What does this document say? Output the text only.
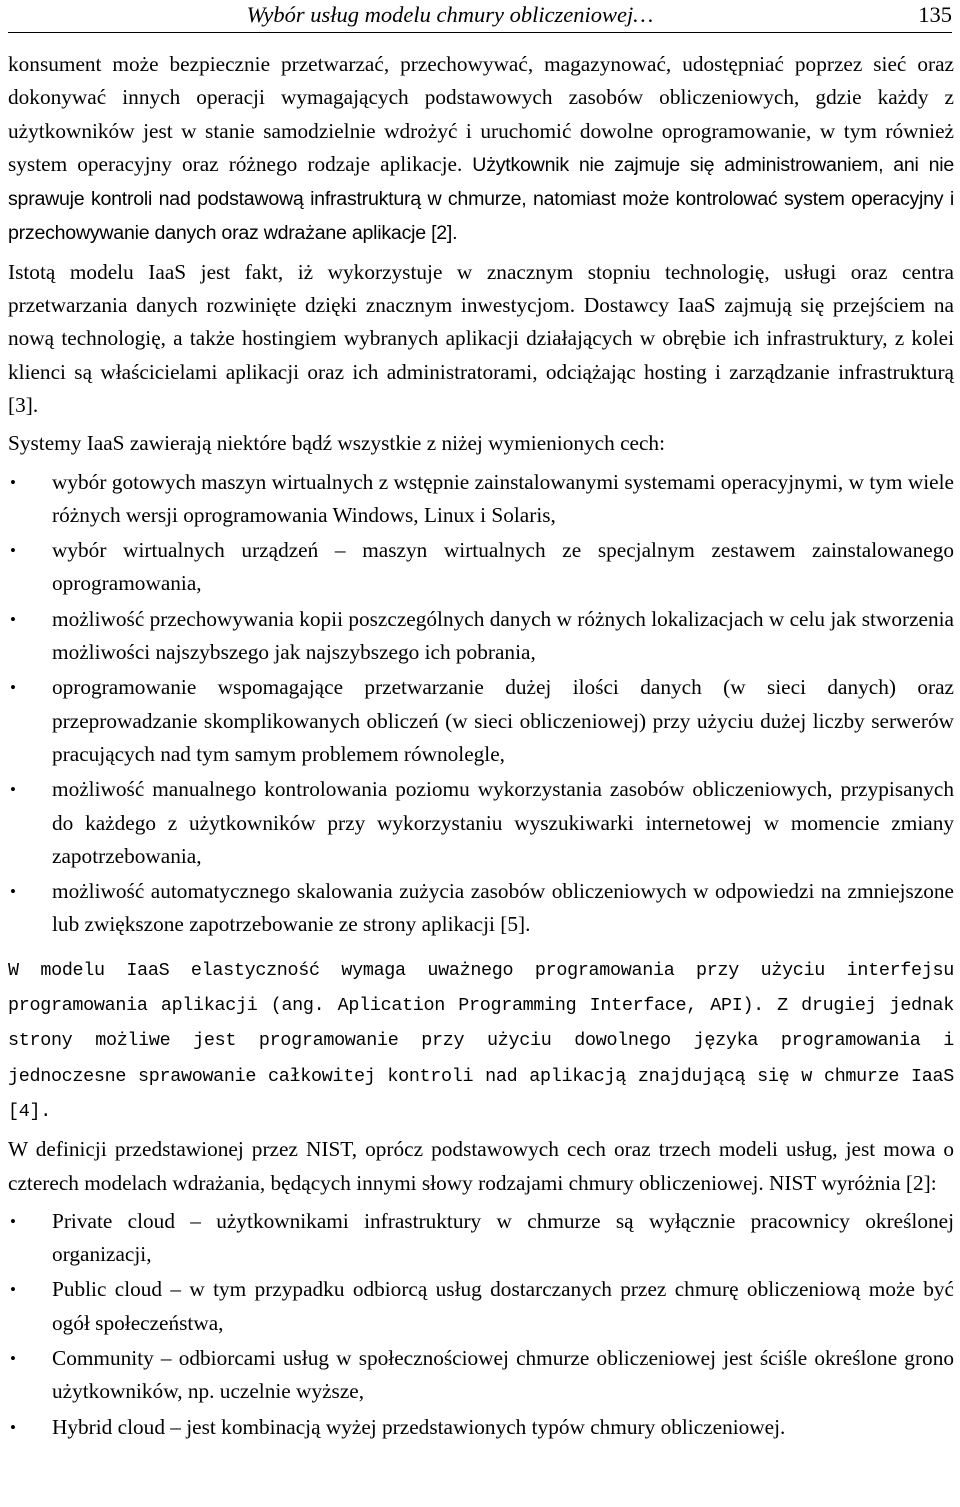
Wybór usług modelu chmury obliczeniowej…	135

konsument może bezpiecznie przetwarzać, przechowywać, magazynować, udostępniać poprzez sieć oraz dokonywać innych operacji wymagających podstawowych zasobów obliczeniowych, gdzie każdy z użytkowników jest w stanie samodzielnie wdrożyć i uruchomić dowolne oprogramowanie, w tym również system operacyjny oraz różnego rodzaje aplikacje. Użytkownik nie zajmuje się administrowaniem, ani nie sprawuje kontroli nad podstawową infrastrukturą w chmurze, natomiast może kontrolować system operacyjny i przechowywanie danych oraz wdrażane aplikacje [2].

Istotą modelu IaaS jest fakt, iż wykorzystuje w znacznym stopniu technologię, usługi oraz centra przetwarzania danych rozwinięte dzięki znacznym inwestycjom. Dostawcy IaaS zajmują się przejściem na nową technologię, a także hostingiem wybranych aplikacji działających w obrębie ich infrastruktury, z kolei klienci są właścicielami aplikacji oraz ich administratorami, odciążając hosting i zarządzanie infrastrukturą [3].

Systemy IaaS zawierają niektóre bądź wszystkie z niżej wymienionych cech:

•	wybór gotowych maszyn wirtualnych z wstępnie zainstalowanymi systemami operacyjnymi, w tym wiele różnych wersji oprogramowania Windows, Linux i Solaris,
•	wybór wirtualnych urządzeń – maszyn wirtualnych ze specjalnym zestawem zainstalowanego oprogramowania,
•	możliwość przechowywania kopii poszczególnych danych w różnych lokalizacjach w celu jak stworzenia możliwości najszybszego jak najszybszego ich pobrania,
•	oprogramowanie wspomagające przetwarzanie dużej ilości danych (w sieci danych) oraz przeprowadzanie skomplikowanych obliczeń (w sieci obliczeniowej) przy użyciu dużej liczby serwerów pracujących nad tym samym problemem równolegle,
•	możliwość manualnego kontrolowania poziomu wykorzystania zasobów obliczeniowych, przypisanych do każdego z użytkowników przy wykorzystaniu wyszukiwarki internetowej w momencie zmiany zapotrzebowania,
•	możliwość automatycznego skalowania zużycia zasobów obliczeniowych w odpowiedzi na zmniejszone lub zwiększone zapotrzebowanie ze strony aplikacji [5].

W modelu IaaS elastyczność wymaga uważnego programowania przy użyciu interfejsu programowania aplikacji (ang. Aplication Programming Interface, API). Z drugiej jednak strony możliwe jest programowanie przy użyciu dowolnego języka programowania i jednoczesne sprawowanie całkowitej kontroli nad aplikacją znajdującą się w chmurze IaaS [4].

W definicji przedstawionej przez NIST, oprócz podstawowych cech oraz trzech modeli usług, jest mowa o czterech modelach wdrażania, będących innymi słowy rodzajami chmury obliczeniowej. NIST wyróżnia [2]:

•	Private cloud – użytkownikami infrastruktury w chmurze są wyłącznie pracownicy określonej organizacji,
•	Public cloud – w tym przypadku odbiorcą usług dostarczanych przez chmurę obliczeniową może być ogół społeczeństwa,
•	Community – odbiorcami usług w społecznościowej chmurze obliczeniowej jest ściśle określone grono użytkowników, np. uczelnie wyższe,
•	Hybrid cloud – jest kombinacją wyżej przedstawionych typów chmury obliczeniowej.
